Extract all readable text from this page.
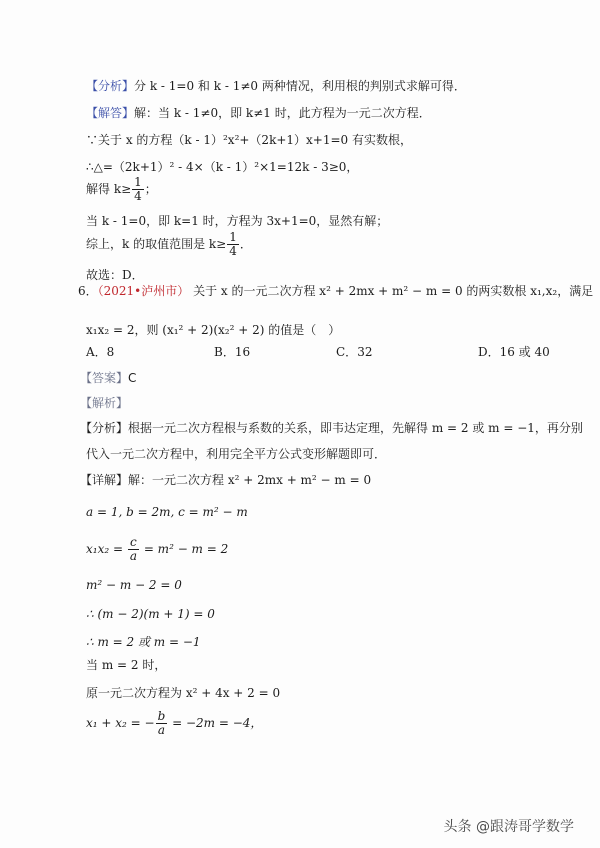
【分析】分 k - 1=0 和 k - 1≠0 两种情况，利用根的判别式求解可得．
【解答】解：当 k - 1≠0，即 k≠1 时，此方程为一元二次方程．
∵关于 x 的方程（k - 1）²x²+（2k+1）x+1=0 有实数根，
∴△=（2k+1）² - 4×（k - 1）²×1=12k - 3≥0，
解得 $k\ge \frac{1}{4}$ ；
当 k - 1=0，即 k=1 时，方程为 3x+1=0，显然有解；
综上，k 的取值范围是 $k\ge \frac{1}{4}$ ．
故选：D．
6．（2021•泸州市） 关于 x 的一元二次方程 x² + 2mx + m² − m = 0 的两实数根 x₁,x₂，满足
x₁x₂ = 2，则 (x₁² + 2)(x₂² + 2) 的值是（　）
A．8	B．16	C．32	D．16 或 40
【答案】C
【解析】
【分析】根据一元二次方程根与系数的关系，即韦达定理，先解得 m = 2 或 m = −1，再分别
代入一元二次方程中，利用完全平方公式变形解题即可．
【详解】解：一元二次方程 x² + 2mx + m² − m = 0
a = 1, b = 2m, c = m² − m
$x_1x_2 = \frac{c}{a} = m^2 - m = 2$
m² − m − 2 = 0
∴ (m − 2)(m + 1) = 0
∴ m = 2 或 m = −1
当 m = 2 时，
原一元二次方程为 x² + 4x + 2 = 0
x₁ + x₂ = − $\frac{b}{a} = -2m = -4$，
头条 @跟涛哥学数学
